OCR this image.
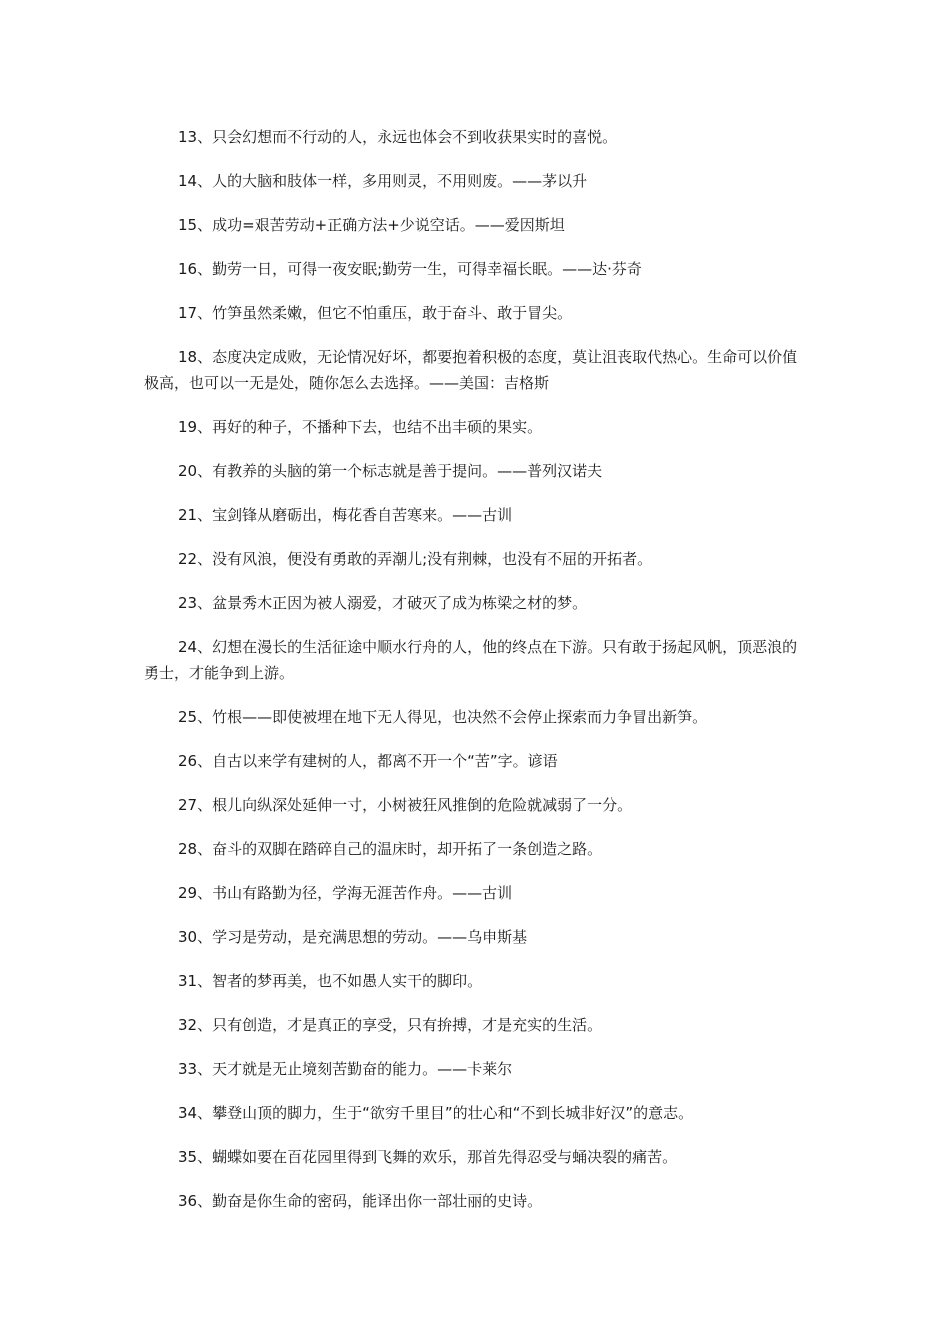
13、只会幻想而不行动的人，永远也体会不到收获果实时的喜悦。

14、人的大脑和肢体一样，多用则灵，不用则废。——茅以升

15、成功=艰苦劳动+正确方法+少说空话。——爱因斯坦

16、勤劳一日，可得一夜安眠;勤劳一生，可得幸福长眠。——达·芬奇

17、竹笋虽然柔嫩，但它不怕重压，敢于奋斗、敢于冒尖。

18、态度决定成败，无论情况好坏，都要抱着积极的态度，莫让沮丧取代热心。生命可以价值极高，也可以一无是处，随你怎么去选择。——美国：吉格斯

19、再好的种子，不播种下去，也结不出丰硕的果实。

20、有教养的头脑的第一个标志就是善于提问。——普列汉诺夫

21、宝剑锋从磨砺出，梅花香自苦寒来。——古训

22、没有风浪，便没有勇敢的弄潮儿;没有荆棘，也没有不屈的开拓者。

23、盆景秀木正因为被人溺爱，才破灭了成为栋梁之材的梦。

24、幻想在漫长的生活征途中顺水行舟的人，他的终点在下游。只有敢于扬起风帆，顶恶浪的勇士，才能争到上游。

25、竹根——即使被埋在地下无人得见，也决然不会停止探索而力争冒出新笋。

26、自古以来学有建树的人，都离不开一个“苦”字。谚语

27、根儿向纵深处延伸一寸，小树被狂风推倒的危险就减弱了一分。

28、奋斗的双脚在踏碎自己的温床时，却开拓了一条创造之路。

29、书山有路勤为径，学海无涯苦作舟。——古训

30、学习是劳动，是充满思想的劳动。——乌申斯基

31、智者的梦再美，也不如愚人实干的脚印。

32、只有创造，才是真正的享受，只有拚搏，才是充实的生活。

33、天才就是无止境刻苦勤奋的能力。——卡莱尔

34、攀登山顶的脚力，生于“欲穷千里目”的壮心和“不到长城非好汉”的意志。

35、蝴蝶如要在百花园里得到飞舞的欢乐，那首先得忍受与蛹决裂的痛苦。

36、勤奋是你生命的密码，能译出你一部壮丽的史诗。
